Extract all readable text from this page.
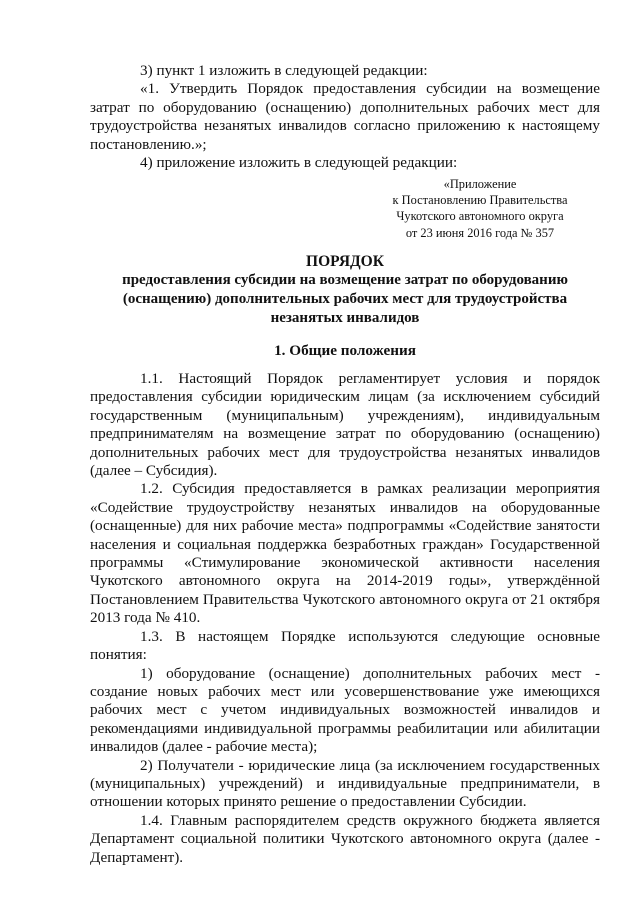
3) пункт 1 изложить в следующей редакции:

«1. Утвердить Порядок предоставления субсидии на возмещение затрат по оборудованию (оснащению) дополнительных рабочих мест для трудоустройства незанятых инвалидов согласно приложению к настоящему постановлению.»;

4) приложение изложить в следующей редакции:

«Приложение
к Постановлению Правительства
Чукотского автономного округа
от 23 июня 2016 года № 357
ПОРЯДОК
предоставления субсидии на возмещение затрат по оборудованию
(оснащению) дополнительных рабочих мест для трудоустройства
незанятых инвалидов
1. Общие положения

1.1. Настоящий Порядок регламентирует условия и порядок предоставления субсидии юридическим лицам (за исключением субсидий государственным (муниципальным) учреждениям), индивидуальным предпринимателям на возмещение затрат по оборудованию (оснащению) дополнительных рабочих мест для трудоустройства незанятых инвалидов (далее – Субсидия).

1.2. Субсидия предоставляется в рамках реализации мероприятия «Содействие трудоустройству незанятых инвалидов на оборудованные (оснащенные) для них рабочие места» подпрограммы «Содействие занятости населения и социальная поддержка безработных граждан» Государственной программы «Стимулирование экономической активности населения Чукотского автономного округа на 2014-2019 годы», утверждённой Постановлением Правительства Чукотского автономного округа от 21 октября 2013 года № 410.

1.3. В настоящем Порядке используются следующие основные понятия:

1) оборудование (оснащение) дополнительных рабочих мест - создание новых рабочих мест или усовершенствование уже имеющихся рабочих мест с учетом индивидуальных возможностей инвалидов и рекомендациями индивидуальной программы реабилитации или абилитации инвалидов (далее - рабочие места);

2) Получатели - юридические лица (за исключением государственных (муниципальных) учреждений) и индивидуальные предприниматели, в отношении которых принято решение о предоставлении Субсидии.

1.4. Главным распорядителем средств окружного бюджета является Департамент социальной политики Чукотского автономного округа (далее - Департамент).
